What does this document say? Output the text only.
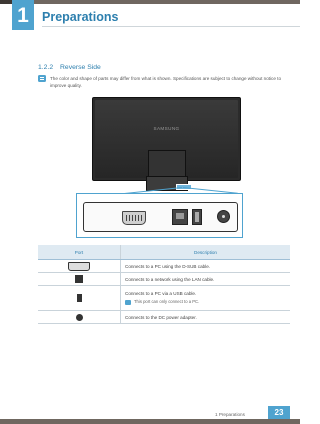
1	Preparations
1.2.2 Reverse Side
The color and shape of parts may differ from what is shown. Specifications are subject to change without notice to improve quality.
SAMSUNG
Port	Description
	Connects to a PC using the D-SUB cable.
	Connects to a network using the LAN cable.

	Connects to a PC via a USB cable.
This port can only connect to a PC.

	Connects to the DC power adapter.
1 Preparations	23
